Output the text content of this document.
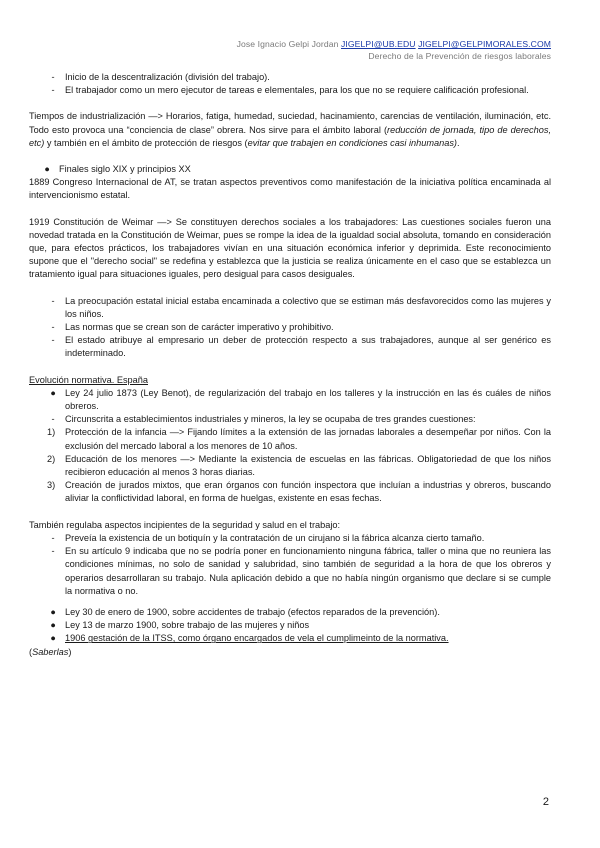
Jose Ignacio Gelpi Jordan JIGELPI@UB.EDU JIGELPI@GELPIMORALES.COM
Derecho de la Prevención de riesgos laborales
-	Inicio de la descentralización (división del trabajo).
-	El trabajador como un mero ejecutor de tareas e elementales, para los que no se requiere calificación profesional.

Tiempos de industrialización —> Horarios, fatiga, humedad, suciedad, hacinamiento, carencias de ventilación, iluminación, etc. Todo esto provoca una “conciencia de clase” obrera. Nos sirve para el ámbito laboral (reducción de jornada, tipo de derechos, etc) y también en el ámbito de protección de riesgos (evitar que trabajen en condiciones casi inhumanas).

●	Finales siglo XIX y principios XX

1889 Congreso Internacional de AT, se tratan aspectos preventivos como manifestación de la iniciativa política encaminada al intervencionismo estatal.

1919 Constitución de Weimar —> Se constituyen derechos sociales a los trabajadores: Las cuestiones sociales fueron una novedad tratada en la Constitución de Weimar, pues se rompe la idea de la igualdad social absoluta, tomando en consideración que, para efectos prácticos, los trabajadores vivían en una situación económica inferior y deprimida. Este reconocimiento supone que el "derecho social" se redefina y establezca que la justicia se realiza únicamente en el caso que se establezca un tratamiento igual para situaciones iguales, pero desigual para casos desiguales.

-	La preocupación estatal inicial estaba encaminada a colectivo que se estiman más desfavorecidos como las mujeres y los niños.
-	Las normas que se crean son de carácter imperativo y prohibitivo.
-	El estado atribuye al empresario un deber de protección respecto a sus trabajadores, aunque al ser genérico es indeterminado.

Evolución normativa. España

●	Ley 24 julio 1873 (Ley Benot), de regularización del trabajo en los talleres y la instrucción en las és cuáles de niños obreros.
-	Circunscrita a establecimientos industriales y mineros, la ley se ocupaba de tres grandes cuestiones:
1) Protección de la infancia —> Fijando límites a la extensión de las jornadas laborales a desempeñar por niños. Con la exclusión del mercado laboral a los menores de 10 años.
2) Educación de los menores —> Mediante la existencia de escuelas en las fábricas. Obligatoriedad de que los niños recibieron educación al menos 3 horas diarias.
3) Creación de jurados mixtos, que eran órganos con función inspectora que incluían a industrias y obreros, buscando aliviar la conflictividad laboral, en forma de huelgas, existente en esas fechas.

También regulaba aspectos incipientes de la seguridad y salud en el trabajo:

-	Preveía la existencia de un botiquín y la contratación de un cirujano si la fábrica alcanza cierto tamaño.
-	En su artículo 9 indicaba que no se podría poner en funcionamiento ninguna fábrica, taller o mina que no reuniera las condiciones mínimas, no solo de sanidad y salubridad, sino también de seguridad a la hora de que los obreros y operarios desarrollaran su trabajo. Nula aplicación debido a que no había ningún organismo que declare si se cumple la normativa o no.
●	Ley 30 de enero de 1900, sobre accidentes de trabajo (efectos reparados de la prevención).
●	Ley 13 de marzo 1900, sobre trabajo de las mujeres y niños
●	1906 gestación de la ITSS, como órgano encargados de vela el cumplimeinto de la normativa.

(Saberlas)

2
